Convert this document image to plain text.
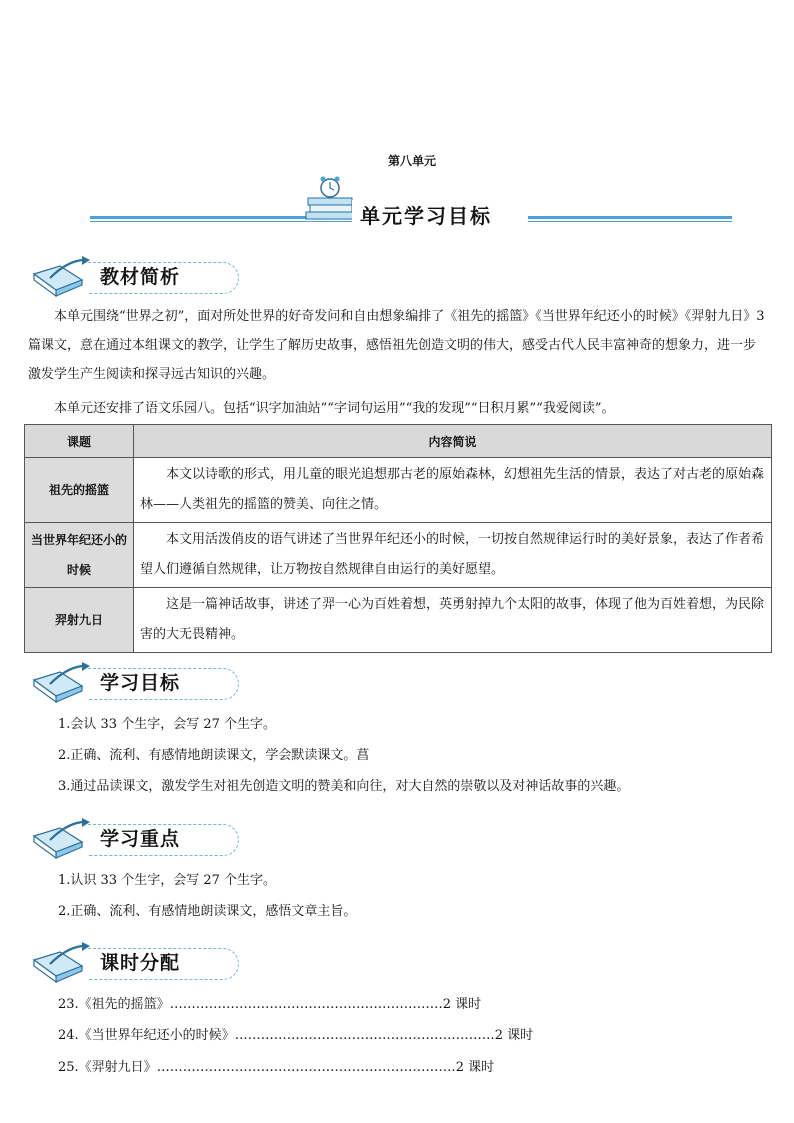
第八单元
单元学习目标
教材简析
本单元围绕“世界之初”，面对所处世界的好奇发问和自由想象编排了《祖先的摇篮》《当世界年纪还小的时候》《羿射九日》3篇课文，意在通过本组课文的教学，让学生了解历史故事，感悟祖先创造文明的伟大，感受古代人民丰富神奇的想象力，进一步激发学生产生阅读和探寻远古知识的兴趣。
本单元还安排了语文乐园八。包括“识字加油站”“字词句运用”“我的发现”“日积月累”“我爱阅读”。
课题	内容简说
祖先的摇篮	本文以诗歌的形式，用儿童的眼光追想那古老的原始森林，幻想祖先生活的情景，表达了对古老的原始森林——人类祖先的摇篮的赞美、向往之情。
当世界年纪还小的时候	本文用活泼俏皮的语气讲述了当世界年纪还小的时候，一切按自然规律运行时的美好景象，表达了作者希望人们遵循自然规律，让万物按自然规律自由运行的美好愿望。
羿射九日	这是一篇神话故事，讲述了羿一心为百姓着想，英勇射掉九个太阳的故事，体现了他为百姓着想，为民除害的大无畏精神。
学习目标
1.会认 33 个生字，会写 27 个生字。
2.正确、流利、有感情地朗读课文，学会默读课文。菖
3.通过品读课文，激发学生对祖先创造文明的赞美和向往，对大自然的崇敬以及对神话故事的兴趣。
学习重点
1.认识 33 个生字，会写 27 个生字。
2.正确、流利、有感情地朗读课文，感悟文章主旨。
课时分配
23.《祖先的摇篮》………………………………………………………2 课时
24.《当世界年纪还小的时候》……………………………………………………2 课时
25.《羿射九日》……………………………………………………………2 课时
